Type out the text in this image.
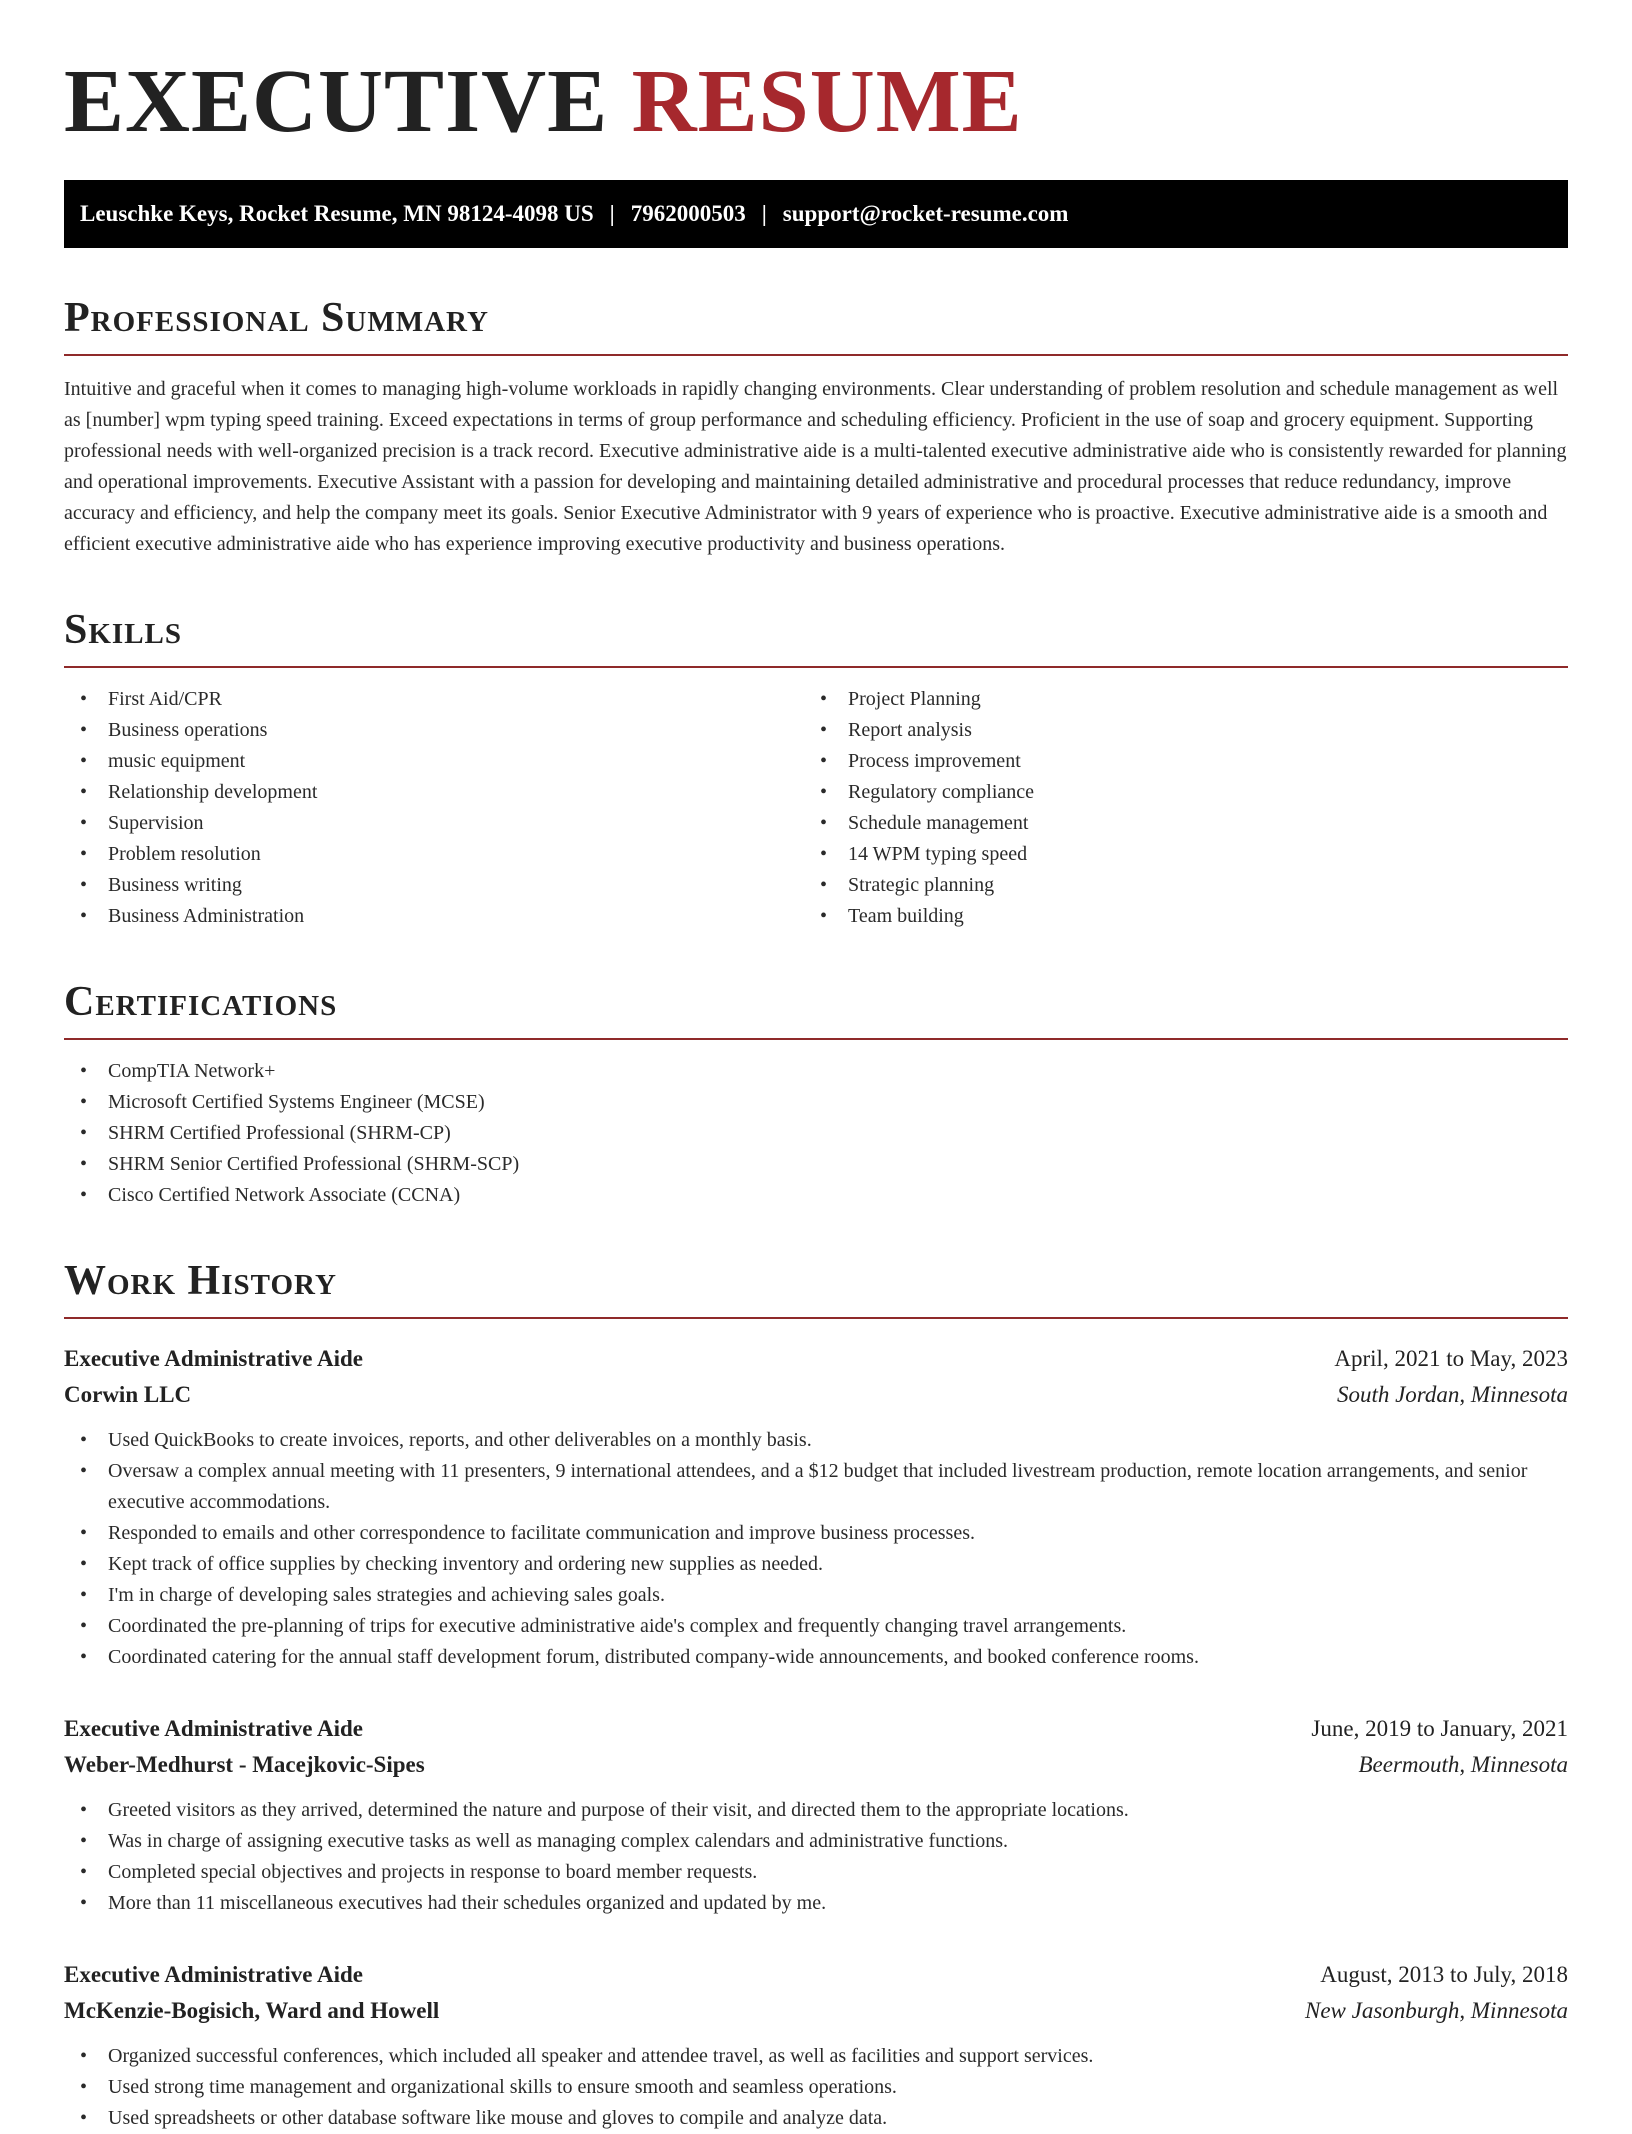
EXECUTIVE RESUME
Leuschke Keys, Rocket Resume, MN 98124-4098 US | 7962000503 | support@rocket-resume.com
Professional Summary

Intuitive and graceful when it comes to managing high-volume workloads in rapidly changing environments. Clear understanding of problem resolution and schedule management as well as [number] wpm typing speed training. Exceed expectations in terms of group performance and scheduling efficiency. Proficient in the use of soap and grocery equipment. Supporting professional needs with well-organized precision is a track record. Executive administrative aide is a multi-talented executive administrative aide who is consistently rewarded for planning and operational improvements. Executive Assistant with a passion for developing and maintaining detailed administrative and procedural processes that reduce redundancy, improve accuracy and efficiency, and help the company meet its goals. Senior Executive Administrator with 9 years of experience who is proactive. Executive administrative aide is a smooth and efficient executive administrative aide who has experience improving executive productivity and business operations.

Skills
• First Aid/CPR
• Business operations
• music equipment
• Relationship development
• Supervision
• Problem resolution
• Business writing
• Business Administration
• Project Planning
• Report analysis
• Process improvement
• Regulatory compliance
• Schedule management
• 14 WPM typing speed
• Strategic planning
• Team building
Certifications
• CompTIA Network+
• Microsoft Certified Systems Engineer (MCSE)
• SHRM Certified Professional (SHRM-CP)
• SHRM Senior Certified Professional (SHRM-SCP)
• Cisco Certified Network Associate (CCNA)
Work History
Executive Administrative Aide	April, 2021 to May, 2023
Corwin LLC	South Jordan, Minnesota
• Used QuickBooks to create invoices, reports, and other deliverables on a monthly basis.
• Oversaw a complex annual meeting with 11 presenters, 9 international attendees, and a $12 budget that included livestream production, remote location arrangements, and senior executive accommodations.
• Responded to emails and other correspondence to facilitate communication and improve business processes.
• Kept track of office supplies by checking inventory and ordering new supplies as needed.
• I'm in charge of developing sales strategies and achieving sales goals.
• Coordinated the pre-planning of trips for executive administrative aide's complex and frequently changing travel arrangements.
• Coordinated catering for the annual staff development forum, distributed company-wide announcements, and booked conference rooms.
Executive Administrative Aide	June, 2019 to January, 2021
Weber-Medhurst - Macejkovic-Sipes	Beermouth, Minnesota
• Greeted visitors as they arrived, determined the nature and purpose of their visit, and directed them to the appropriate locations.
• Was in charge of assigning executive tasks as well as managing complex calendars and administrative functions.
• Completed special objectives and projects in response to board member requests.
• More than 11 miscellaneous executives had their schedules organized and updated by me.
Executive Administrative Aide	August, 2013 to July, 2018
McKenzie-Bogisich, Ward and Howell	New Jasonburgh, Minnesota
• Organized successful conferences, which included all speaker and attendee travel, as well as facilities and support services.
• Used strong time management and organizational skills to ensure smooth and seamless operations.
• Used spreadsheets or other database software like mouse and gloves to compile and analyze data.
